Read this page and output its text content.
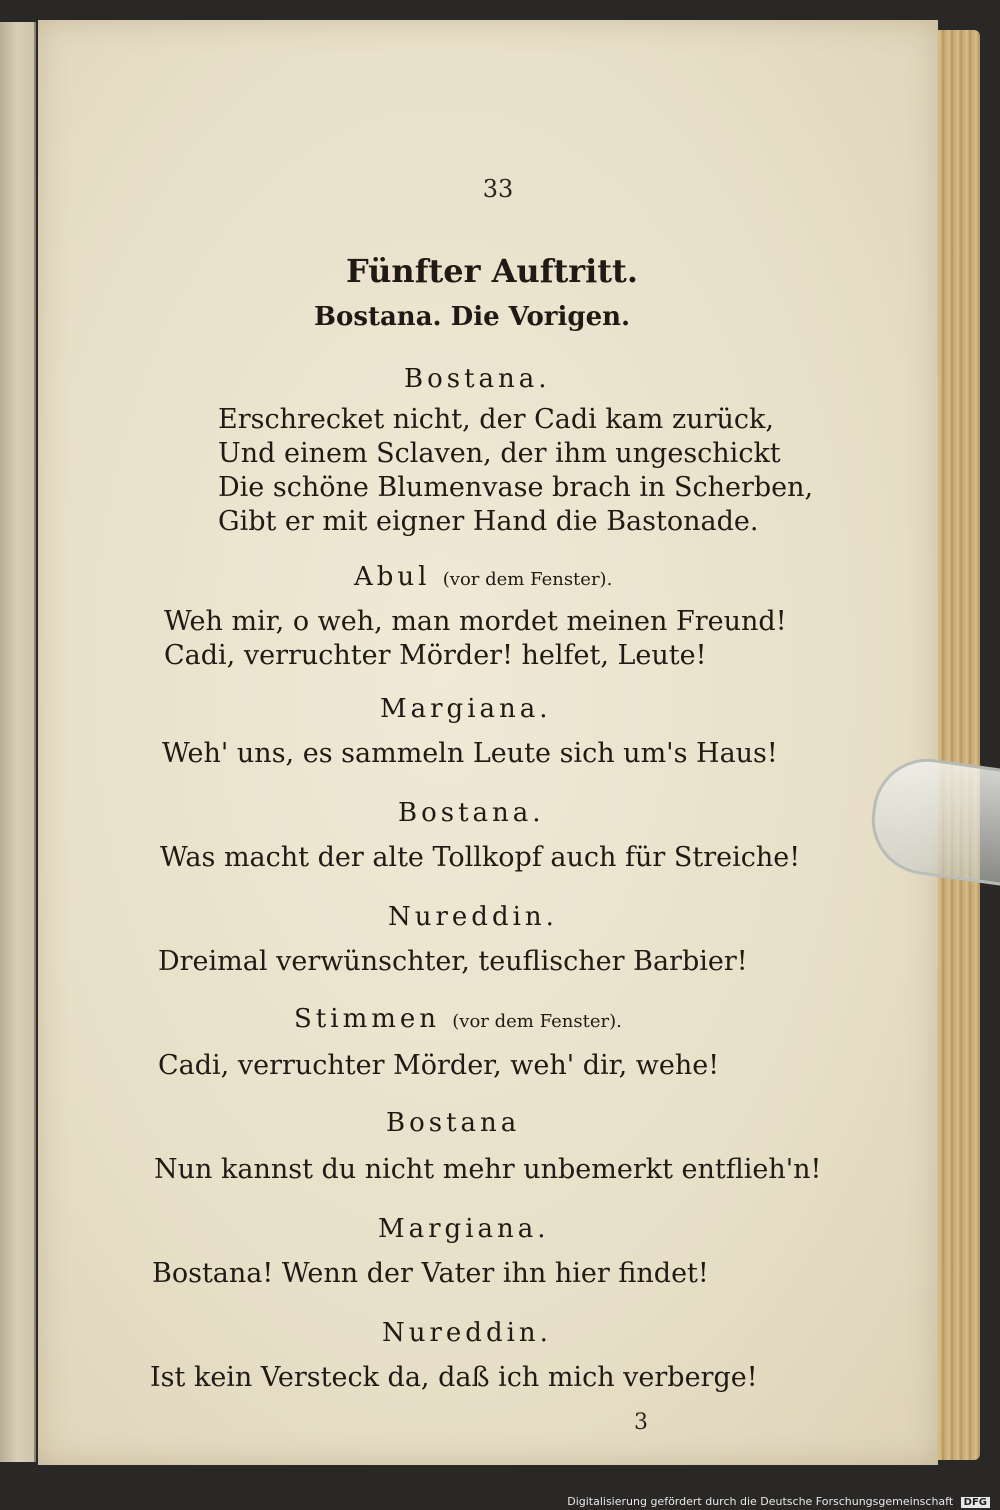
33
Fünfter Auftritt.
Bostana. Die Vorigen.
Bostana.
Erschrecket nicht, der Cadi kam zurück,
Und einem Sclaven, der ihm ungeschickt
Die schöne Blumenvase brach in Scherben,
Gibt er mit eigner Hand die Bastonade.
Abul (vor dem Fenster).
Weh mir, o weh, man mordet meinen Freund!
Cadi, verruchter Mörder! helfet, Leute!
Margiana.
Weh' uns, es sammeln Leute sich um's Haus!
Bostana.
Was macht der alte Tollkopf auch für Streiche!
Nureddin.
Dreimal verwünschter, teuflischer Barbier!
Stimmen (vor dem Fenster).
Cadi, verruchter Mörder, weh' dir, wehe!
Bostana
Nun kannst du nicht mehr unbemerkt entflieh'n!
Margiana.
Bostana! Wenn der Vater ihn hier findet!
Nureddin.
Ist kein Versteck da, daß ich mich verberge!
3
Digitalisierung gefördert durch die Deutsche Forschungsgemeinschaft DFG
